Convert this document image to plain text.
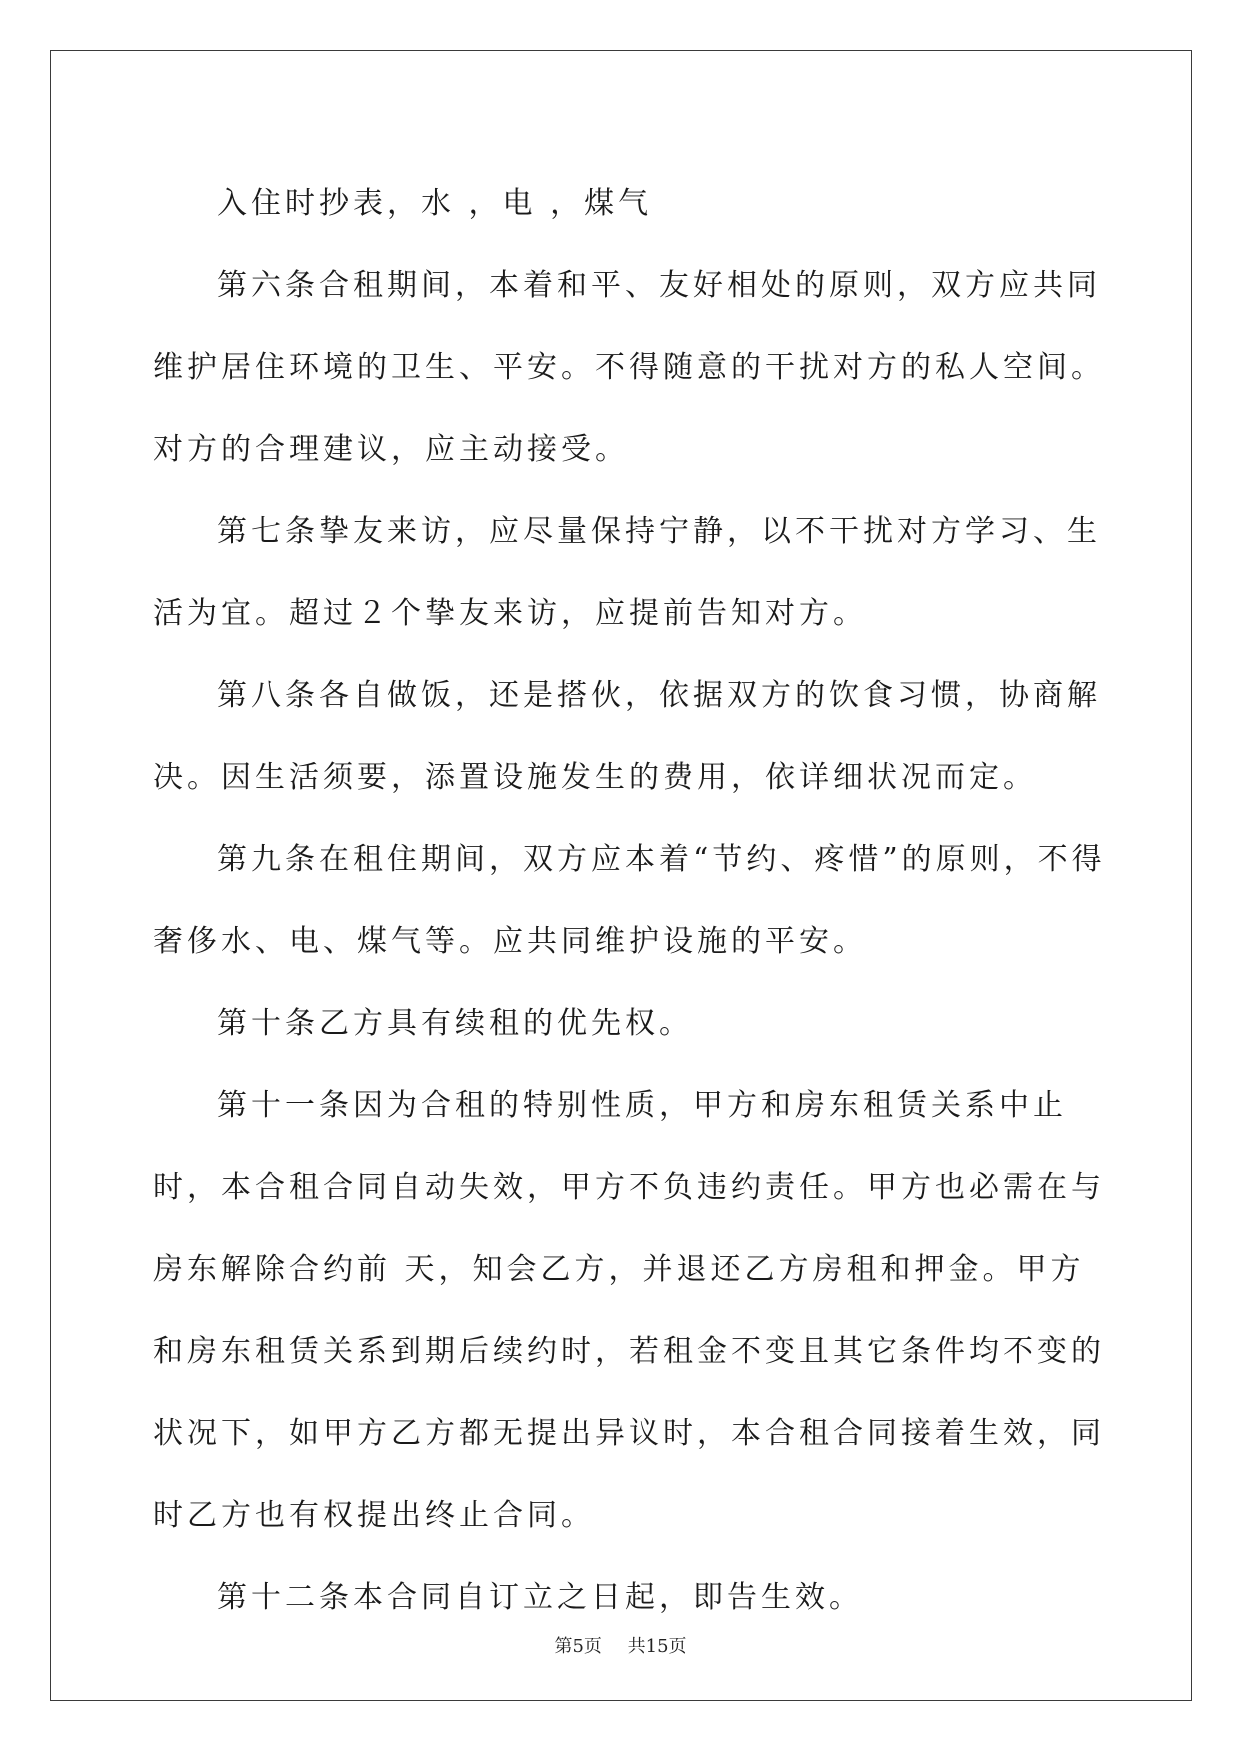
入住时抄表，水 ，电 ，煤气

第六条合租期间，本着和平、友好相处的原则，双方应共同维护居住环境的卫生、平安。不得随意的干扰对方的私人空间。对方的合理建议，应主动接受。

第七条挚友来访，应尽量保持宁静，以不干扰对方学习、生活为宜。超过２个挚友来访，应提前告知对方。

第八条各自做饭，还是搭伙，依据双方的饮食习惯，协商解决。因生活须要，添置设施发生的费用，依详细状况而定。

第九条在租住期间，双方应本着“节约、疼惜”的原则，不得奢侈水、电、煤气等。应共同维护设施的平安。

第十条乙方具有续租的优先权。

第十一条因为合租的特别性质，甲方和房东租赁关系中止时，本合租合同自动失效，甲方不负违约责任。甲方也必需在与房东解除合约前 天，知会乙方，并退还乙方房租和押金。甲方和房东租赁关系到期后续约时，若租金不变且其它条件均不变的状况下，如甲方乙方都无提出异议时，本合租合同接着生效，同时乙方也有权提出终止合同。

第十二条本合同自订立之日起，即告生效。

第5页 共15页
